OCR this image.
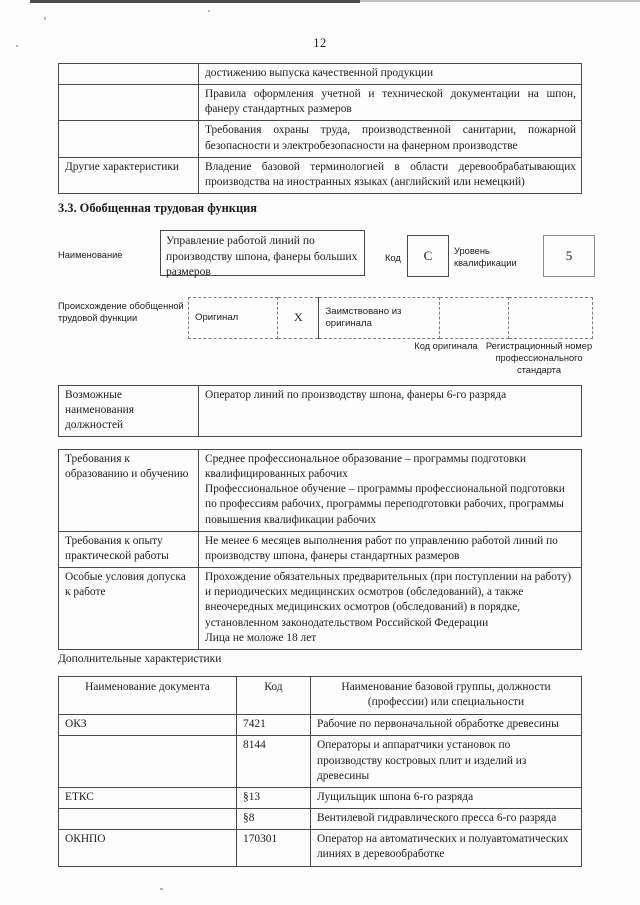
12
	достижению выпуска качественной продукции
	Правила оформления учетной и технической документации на шпон, фанеру стандартных размеров
	Требования охраны труда, производственной санитарии, пожарной безопасности и электробезопасности на фанерном производстве
Другие характеристики	Владение базовой терминологией в области деревообрабатывающих производства на иностранных языках (английский или немецкий)
3.3. Обобщенная трудовая функция
Наименование
Управление работой линий по производству шпона, фанеры больших размеров
Код	C	Уровень квалификации
5
Происхождение обобщенной трудовой функции	Оригинал	X	Заимствовано из оригинала		
Код оригинала Регистрационный номер профессионального стандарта
Возможные наименования должностей	Оператор линий по производству шпона, фанеры 6-го разряда
Требования к образованию и обучению	Среднее профессиональное образование – программы подготовки квалифицированных рабочих
Профессиональное обучение – программы профессиональной подготовки по профессиям рабочих, программы переподготовки рабочих, программы повышения квалификации рабочих

Требования к опыту практической работы	Не менее 6 месяцев выполнения работ по управлению работой линий по производству шпона, фанеры стандартных размеров

Особые условия допуска к работе	Прохождение обязательных предварительных (при поступлении на работу) и периодических медицинских осмотров (обследований), а также внеочередных медицинских осмотров (обследований) в порядке, установленном законодательством Российской Федерации
Лица не моложе 18 лет
Дополнительные характеристики
Наименование документа	Код	Наименование базовой группы, должности (профессии) или специальности
ОКЗ	7421	Рабочие по первоначальной обработке древесины
	8144	Операторы и аппаратчики установок по производству костровых плит и изделий из древесины
ЕТКС	§13	Лущильщик шпона 6-го разряда
	§8	Вентилевой гидравлического пресса 6-го разряда
ОКНПО	170301	Оператор на автоматических и полуавтоматических линиях в деревообработке
